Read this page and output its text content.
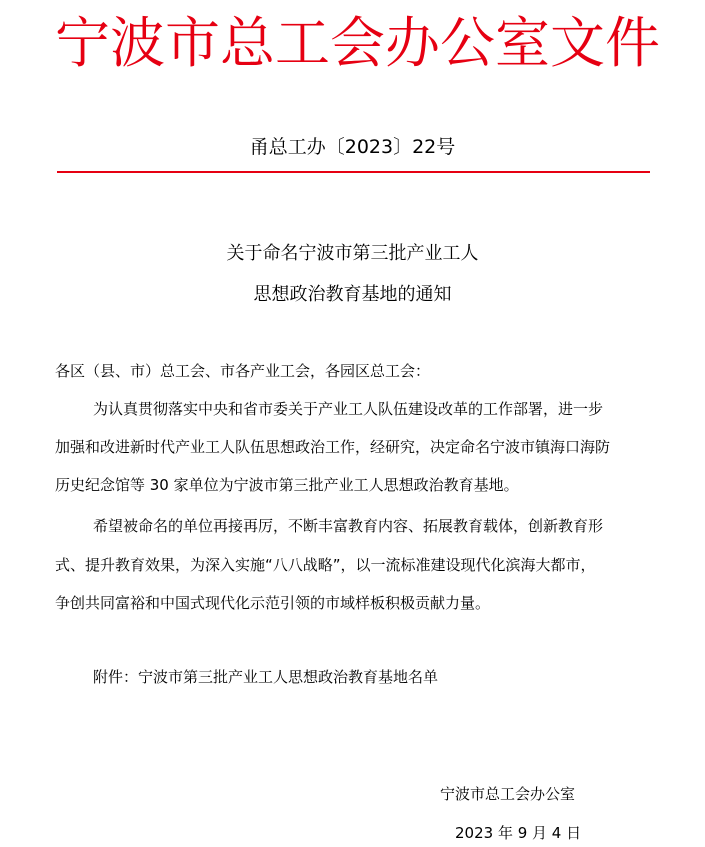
宁波市总工会办公室文件
甬总工办〔2023〕22号
关于命名宁波市第三批产业工人
思想政治教育基地的通知
各区（县、市）总工会、市各产业工会，各园区总工会：
为认真贯彻落实中央和省市委关于产业工人队伍建设改革的工作部署，进一步
加强和改进新时代产业工人队伍思想政治工作，经研究，决定命名宁波市镇海口海防
历史纪念馆等 30 家单位为宁波市第三批产业工人思想政治教育基地。
希望被命名的单位再接再厉，不断丰富教育内容、拓展教育载体，创新教育形
式、提升教育效果，为深入实施“八八战略”，以一流标准建设现代化滨海大都市，
争创共同富裕和中国式现代化示范引领的市域样板积极贡献力量。
附件：宁波市第三批产业工人思想政治教育基地名单
宁波市总工会办公室
2023 年 9 月 4 日
